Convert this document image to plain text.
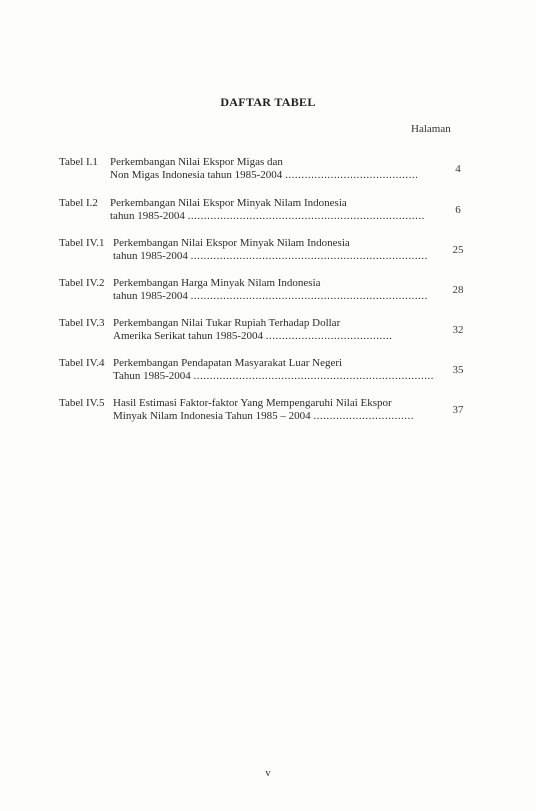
DAFTAR TABEL
Halaman
Tabel I.1 Perkembangan Nilai Ekspor Migas dan
Non Migas Indonesia tahun 1985-2004 .........................................	4
Tabel I.2 Perkembangan Nilai Ekspor Minyak Nilam Indonesia
tahun 1985-2004 .........................................................................	6
Tabel IV.1 Perkembangan Nilai Ekspor Minyak Nilam Indonesia
tahun 1985-2004 .........................................................................	25
Tabel IV.2 Perkembangan Harga Minyak Nilam Indonesia
tahun 1985-2004 .........................................................................	28
Tabel IV.3 Perkembangan Nilai Tukar Rupiah Terhadap Dollar
Amerika Serikat tahun 1985-2004 .......................................	32
Tabel IV.4 Perkembangan Pendapatan Masyarakat Luar Negeri
Tahun 1985-2004 ..........................................................................	35
Tabel IV.5 Hasil Estimasi Faktor-faktor Yang Mempengaruhi Nilai Ekspor
Minyak Nilam Indonesia Tahun 1985 – 2004 ...............................	37
v
